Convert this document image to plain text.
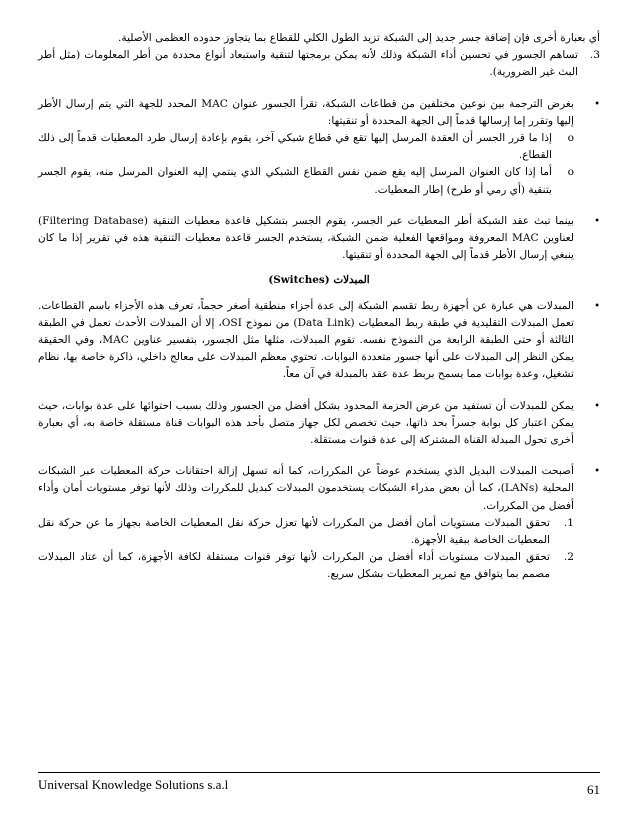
أي بعبارة أخرى فإن إضافة جسر جديد إلى الشبكة تزيد الطول الكلي للقطاع بما يتجاوز حدوده العظمى الأصلية.

3.
تساهم الجسور في تحسين أداء الشبكة وذلك لأنه يمكن برمجتها لتنقية واستبعاد أنواع محددة من أطر المعلومات (مثل أطر البث غير الضرورية).
•
بغرض الترجمة بين نوعين مختلفين من قطاعات الشبكة، تقرأ الجسور عنوان MAC المحدد للجهة التي يتم إرسال الأطر إليها وتقرر إما إرسالها قدماً إلى الجهة المحددة أو تنقيتها:
o
إذا ما قرر الجسر أن العقدة المرسل إليها تقع في قطاع شبكي آخر، يقوم بإعادة إرسال طرد المعطيات قدماً إلى ذلك القطاع.
o
أما إذا كان العنوان المرسل إليه يقع ضمن نفس القطاع الشبكي الذي ينتمي إليه العنوان المرسل منه، يقوم الجسر بتنقية (أي رمي أو طرح) إطار المعطيات.
•
بينما تبث عقد الشبكة أطر المعطيات عبر الجسر، يقوم الجسر بتشكيل قاعدة معطيات التنقية (Filtering Database) لعناوين MAC المعروفة ومواقعها الفعلية ضمن الشبكة، يستخدم الجسر قاعدة معطيات التنقية هذه في تقرير إذا ما كان ينبغي إرسال الأطر قدماً إلى الجهة المحددة أو تنقيتها.

المبدلات (Switches)

•
المبدلات هي عبارة عن أجهزة ربط تقسم الشبكة إلى عدة أجزاء منطقية أصغر حجماً، تعرف هذه الأجزاء باسم القطاعات. تعمل المبدلات التقليدية في طبقة ربط المعطيات (Data Link) من نموذج OSI، إلا أن المبدلات الأحدث تعمل في الطبقة الثالثة أو حتى الطبقة الرابعة من النموذج نفسه. تقوم المبدلات، مثلها مثل الجسور، بتفسير عناوين MAC، وفي الحقيقة يمكن النظر إلى المبدلات على أنها جسور متعددة البوابات. تحتوي معظم المبدلات على معالج داخلي، ذاكرة خاصة بها، نظام تشغيل، وعدة بوابات مما يسمح بربط عدة عقد بالمبدلة في آن معاً.
•
يمكن للمبدلات أن تستفيد من عرض الحزمة المحدود بشكل أفضل من الجسور وذلك بسبب احتوائها على عدة بوابات، حيث يمكن اعتبار كل بوابة جسراً بحد ذاتها، حيث تخصص لكل جهاز متصل بأحد هذه البوابات قناة مستقلة خاصة به، أي بعبارة أخرى تحول المبدلة القناة المشتركة إلى عدة قنوات مستقلة.
•
أصبحت المبدلات البديل الذي يستخدم عوضاً عن المكررات، كما أنه تسهل إزالة احتقانات حركة المعطيات عبر الشبكات المحلية (LANs)، كما أن بعض مدراء الشبكات يستخدمون المبدلات كبديل للمكررات وذلك لأنها توفر مستويات أمان وأداء أفضل من المكررات.
1.
تحقق المبدلات مستويات أمان أفضل من المكررات لأنها تعزل حركة نقل المعطيات الخاصة بجهاز ما عن حركة نقل المعطيات الخاصة ببقية الأجهزة.
2.
تحقق المبدلات مستويات أداء أفضل من المكررات لأنها توفر قنوات مستقلة لكافة الأجهزة، كما أن عتاد المبدلات مصمم بما يتوافق مع تمرير المعطيات بشكل سريع.
Universal Knowledge Solutions s.a.l	61
